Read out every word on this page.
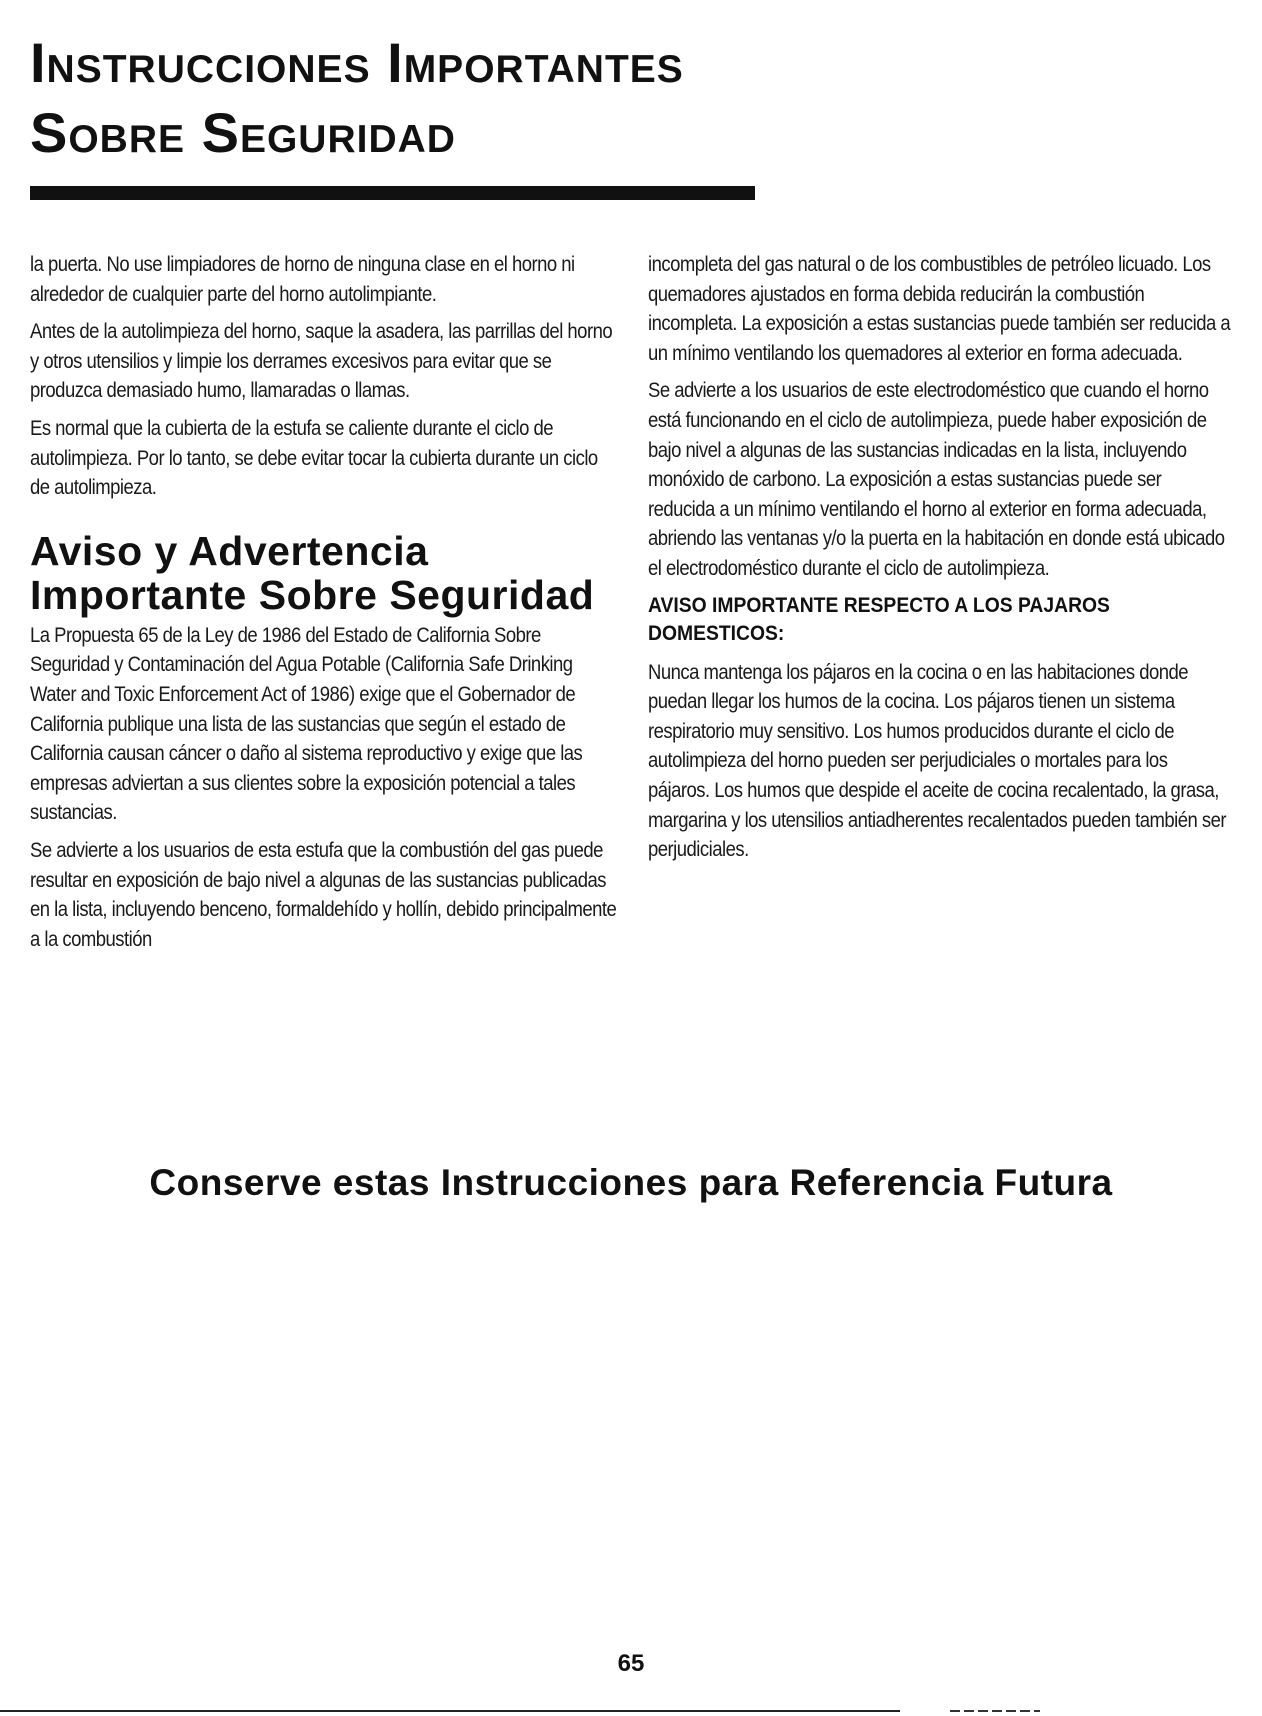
Instrucciones Importantes
Sobre Seguridad

la puerta. No use limpiadores de horno de ninguna clase en el horno ni alrededor de cualquier parte del horno autolimpiante.

Antes de la autolimpieza del horno, saque la asadera, las parrillas del horno y otros utensilios y limpie los derrames excesivos para evitar que se produzca demasiado humo, llamaradas o llamas.

Es normal que la cubierta de la estufa se caliente durante el ciclo de autolimpieza. Por lo tanto, se debe evitar tocar la cubierta durante un ciclo de autolimpieza.

Aviso y Advertencia Importante Sobre Seguridad

La Propuesta 65 de la Ley de 1986 del Estado de California Sobre Seguridad y Contaminación del Agua Potable (California Safe Drinking Water and Toxic Enforcement Act of 1986) exige que el Gobernador de California publique una lista de las sustancias que según el estado de California causan cáncer o daño al sistema reproductivo y exige que las empresas adviertan a sus clientes sobre la exposición potencial a tales sustancias.

Se advierte a los usuarios de esta estufa que la combustión del gas puede resultar en exposición de bajo nivel a algunas de las sustancias publicadas en la lista, incluyendo benceno, formaldehído y hollín, debido principalmente a la combustión

incompleta del gas natural o de los combustibles de petróleo licuado. Los quemadores ajustados en forma debida reducirán la combustión incompleta. La exposición a estas sustancias puede también ser reducida a un mínimo ventilando los quemadores al exterior en forma adecuada.

Se advierte a los usuarios de este electrodoméstico que cuando el horno está funcionando en el ciclo de autolimpieza, puede haber exposición de bajo nivel a algunas de las sustancias indicadas en la lista, incluyendo monóxido de carbono. La exposición a estas sustancias puede ser reducida a un mínimo ventilando el horno al exterior en forma adecuada, abriendo las ventanas y/o la puerta en la habitación en donde está ubicado el electrodoméstico durante el ciclo de autolimpieza.

AVISO IMPORTANTE RESPECTO A LOS PAJAROS DOMESTICOS:

Nunca mantenga los pájaros en la cocina o en las habitaciones donde puedan llegar los humos de la cocina. Los pájaros tienen un sistema respiratorio muy sensitivo. Los humos producidos durante el ciclo de autolimpieza del horno pueden ser perjudiciales o mortales para los pájaros. Los humos que despide el aceite de cocina recalentado, la grasa, margarina y los utensilios antiadherentes recalentados pueden también ser perjudiciales.

Conserve estas Instrucciones para Referencia Futura
65
